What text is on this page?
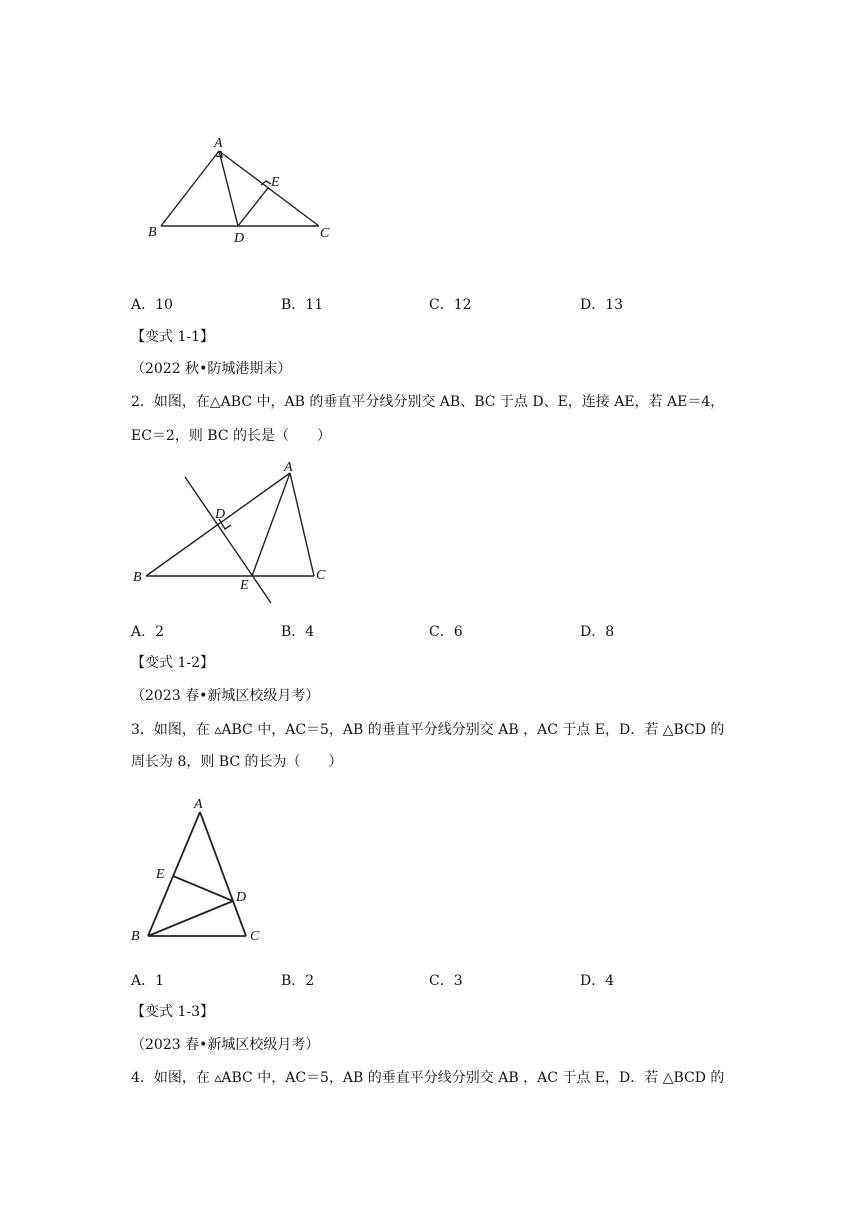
A
B	C
D
E
A．10	B．11	C．12	D．13
【变式 1-1】
（2022 秋•防城港期末）
2．如图，在△ABC 中，AB 的垂直平分线分别交 AB、BC 于点 D、E，连接 AE，若 AE＝4，
EC＝2，则 BC 的长是（　　）
A
B	C
D
E
A．2	B．4	C．6	D．8
【变式 1-2】
（2023 春•新城区校级月考）
3．如图，在 ▵ABC 中，AC＝5，AB 的垂直平分线分别交 AB ，AC 于点 E，D．若 △BCD 的
周长为 8，则 BC 的长为（　　）
A
B	C
D
E
A．1	B．2	C．3	D．4
【变式 1-3】
（2023 春•新城区校级月考）
4．如图，在 ▵ABC 中，AC＝5，AB 的垂直平分线分别交 AB ，AC 于点 E，D．若 △BCD 的
